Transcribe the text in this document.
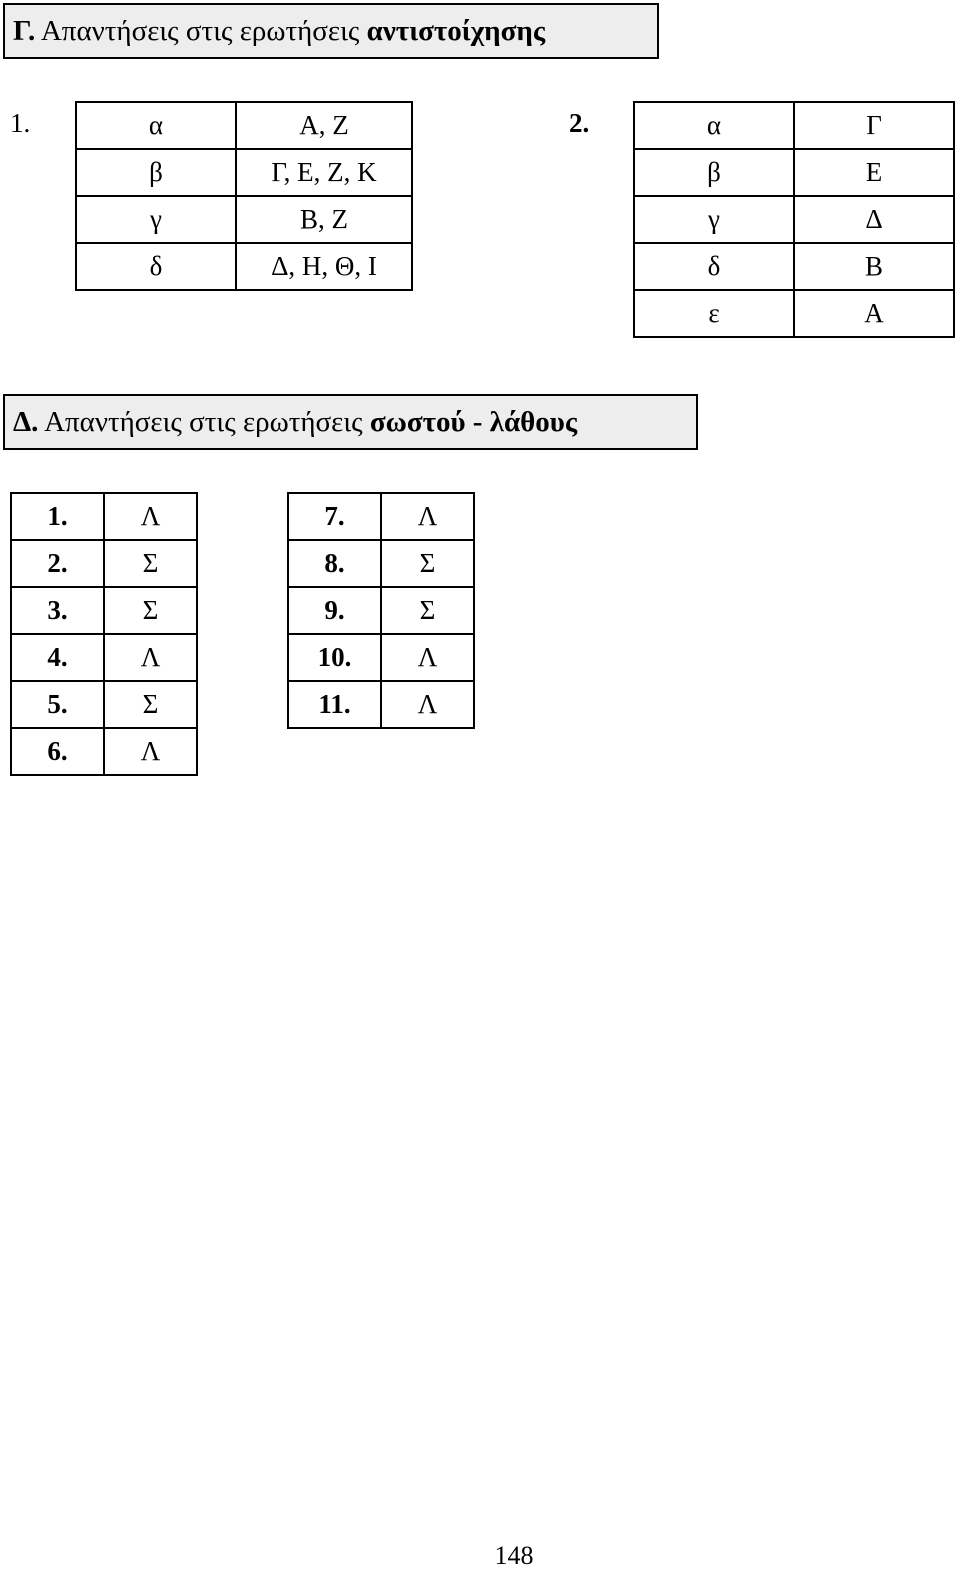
Γ. Απαντήσεις στις ερωτήσεις αντιστοίχησης
1.	α	Α, Ζ
β	Γ, Ε, Ζ, Κ
γ	Β, Ζ
δ	Δ, Η, Θ, Ι
2.	α	Γ
β	Ε
γ	Δ
δ	Β
ε	Α
Δ. Απαντήσεις στις ερωτήσεις σωστού - λάθους
1.	Λ
2.	Σ
3.	Σ
4.	Λ
5.	Σ
6.	Λ
7.	Λ
8.	Σ
9.	Σ
10.	Λ
11.	Λ
148
